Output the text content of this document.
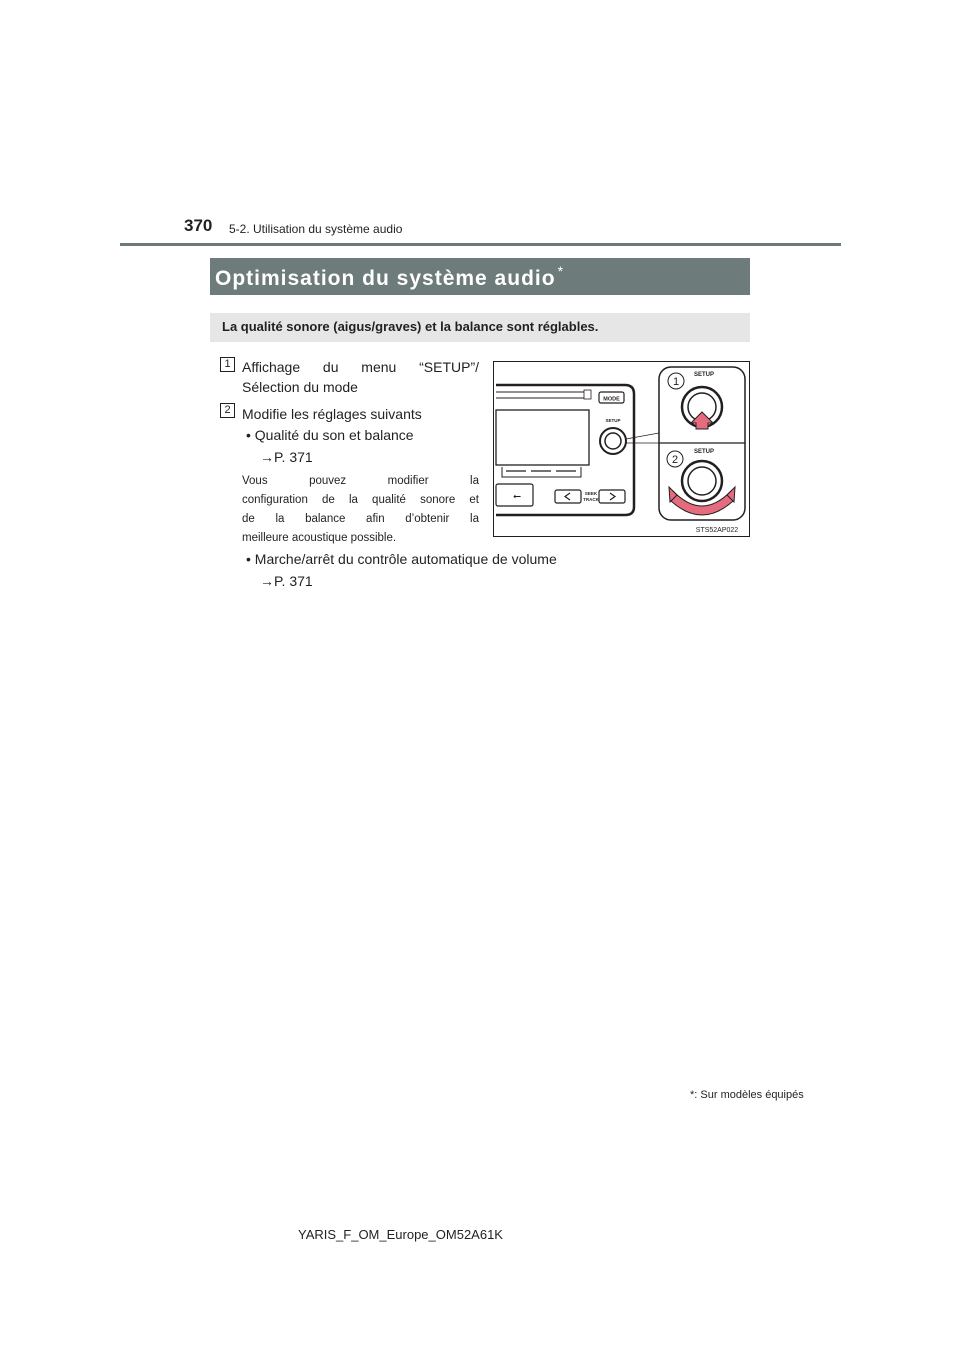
370 5-2. Utilisation du système audio
Optimisation du système audio *
La qualité sonore (aigus/graves) et la balance sont réglables.
1 Affichage du menu “SETUP”/
Sélection du mode
2 Modifie les réglages suivants
• Qualité du son et balance
→P. 371
Vous pouvez modifier la
configuration de la qualité sonore et
de la balance afin d’obtenir la
meilleure acoustique possible.
• Marche/arrêt du contrôle automatique de volume
→P. 371
MODE
SETUP
⭠	SEEK
TRACK
1
SETUP
2
SETUP
STS52AP022
*: Sur modèles équipés
YARIS_F_OM_Europe_OM52A61K
